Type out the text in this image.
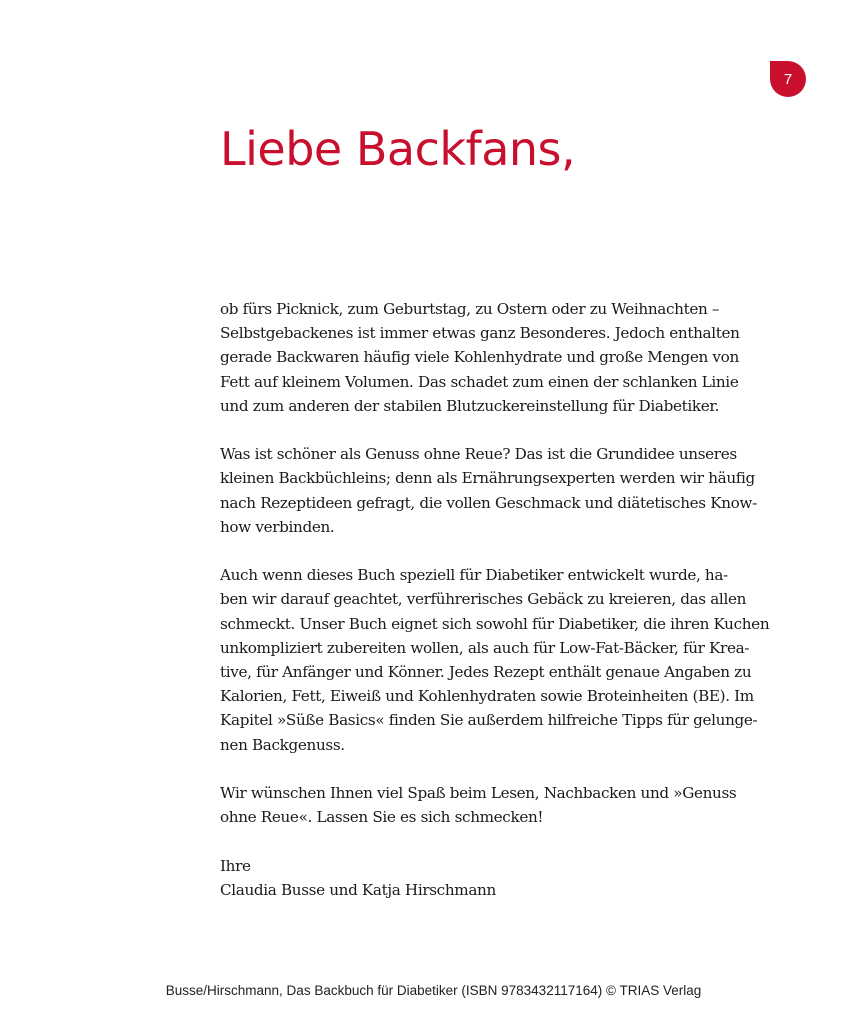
7
Liebe Backfans,

ob fürs Picknick, zum Geburtstag, zu Ostern oder zu Weihnachten –
Selbstgebackenes ist immer etwas ganz Besonderes. Jedoch enthalten
gerade Backwaren häufig viele Kohlenhydrate und große Mengen von
Fett auf kleinem Volumen. Das schadet zum einen der schlanken Linie
und zum anderen der stabilen Blutzuckereinstellung für Diabetiker.

Was ist schöner als Genuss ohne Reue? Das ist die Grundidee unseres
kleinen Backbüchleins; denn als Ernährungsexperten werden wir häufig
nach Rezeptideen gefragt, die vollen Geschmack und diätetisches Know-
how verbinden.

Auch wenn dieses Buch speziell für Diabetiker entwickelt wurde, ha-
ben wir darauf geachtet, verführerisches Gebäck zu kreieren, das allen
schmeckt. Unser Buch eignet sich sowohl für Diabetiker, die ihren Kuchen
unkompliziert zubereiten wollen, als auch für Low-Fat-Bäcker, für Krea-
tive, für Anfänger und Könner. Jedes Rezept enthält genaue Angaben zu
Kalorien, Fett, Eiweiß und Kohlenhydraten sowie Broteinheiten (BE). Im
Kapitel »Süße Basics« finden Sie außerdem hilfreiche Tipps für gelunge-
nen Backgenuss.

Wir wünschen Ihnen viel Spaß beim Lesen, Nachbacken und »Genuss
ohne Reue«. Lassen Sie es sich schmecken!

Ihre
Claudia Busse und Katja Hirschmann

Busse/Hirschmann, Das Backbuch für Diabetiker (ISBN 9783432117164) © TRIAS Verlag
